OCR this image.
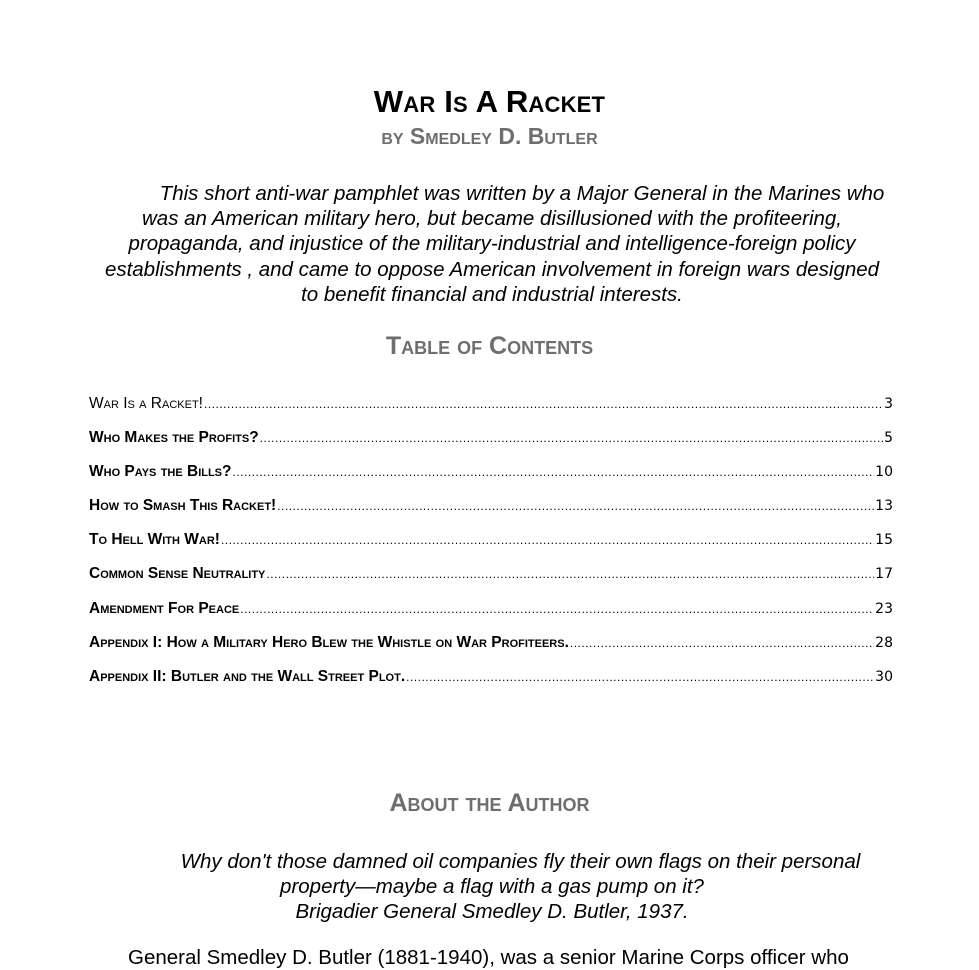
War Is A Racket
by Smedley D. Butler
This short anti-war pamphlet was written by a Major General in the Marines who was an American military hero, but became disillusioned with the profiteering, propaganda, and injustice of the military-industrial and intelligence-foreign policy establishments , and came to oppose American involvement in foreign wars designed to benefit financial and industrial interests.
Table of Contents
War Is a Racket! .....	3
Who Makes the Profits? .....	5
Who Pays the Bills? .....	10
How to Smash This Racket! .....	13
To Hell With War! .....	15
Common Sense Neutrality .....	17
Amendment For Peace .....	23
Appendix I: How a Military Hero Blew the Whistle on War Profiteers. .....	28
Appendix II: Butler and the Wall Street Plot. .....	30
About the Author
Why don't those damned oil companies fly their own flags on their personal property—maybe a flag with a gas pump on it?
Brigadier General Smedley D. Butler, 1937.
General Smedley D. Butler (1881-1940), was a senior Marine Corps officer who
